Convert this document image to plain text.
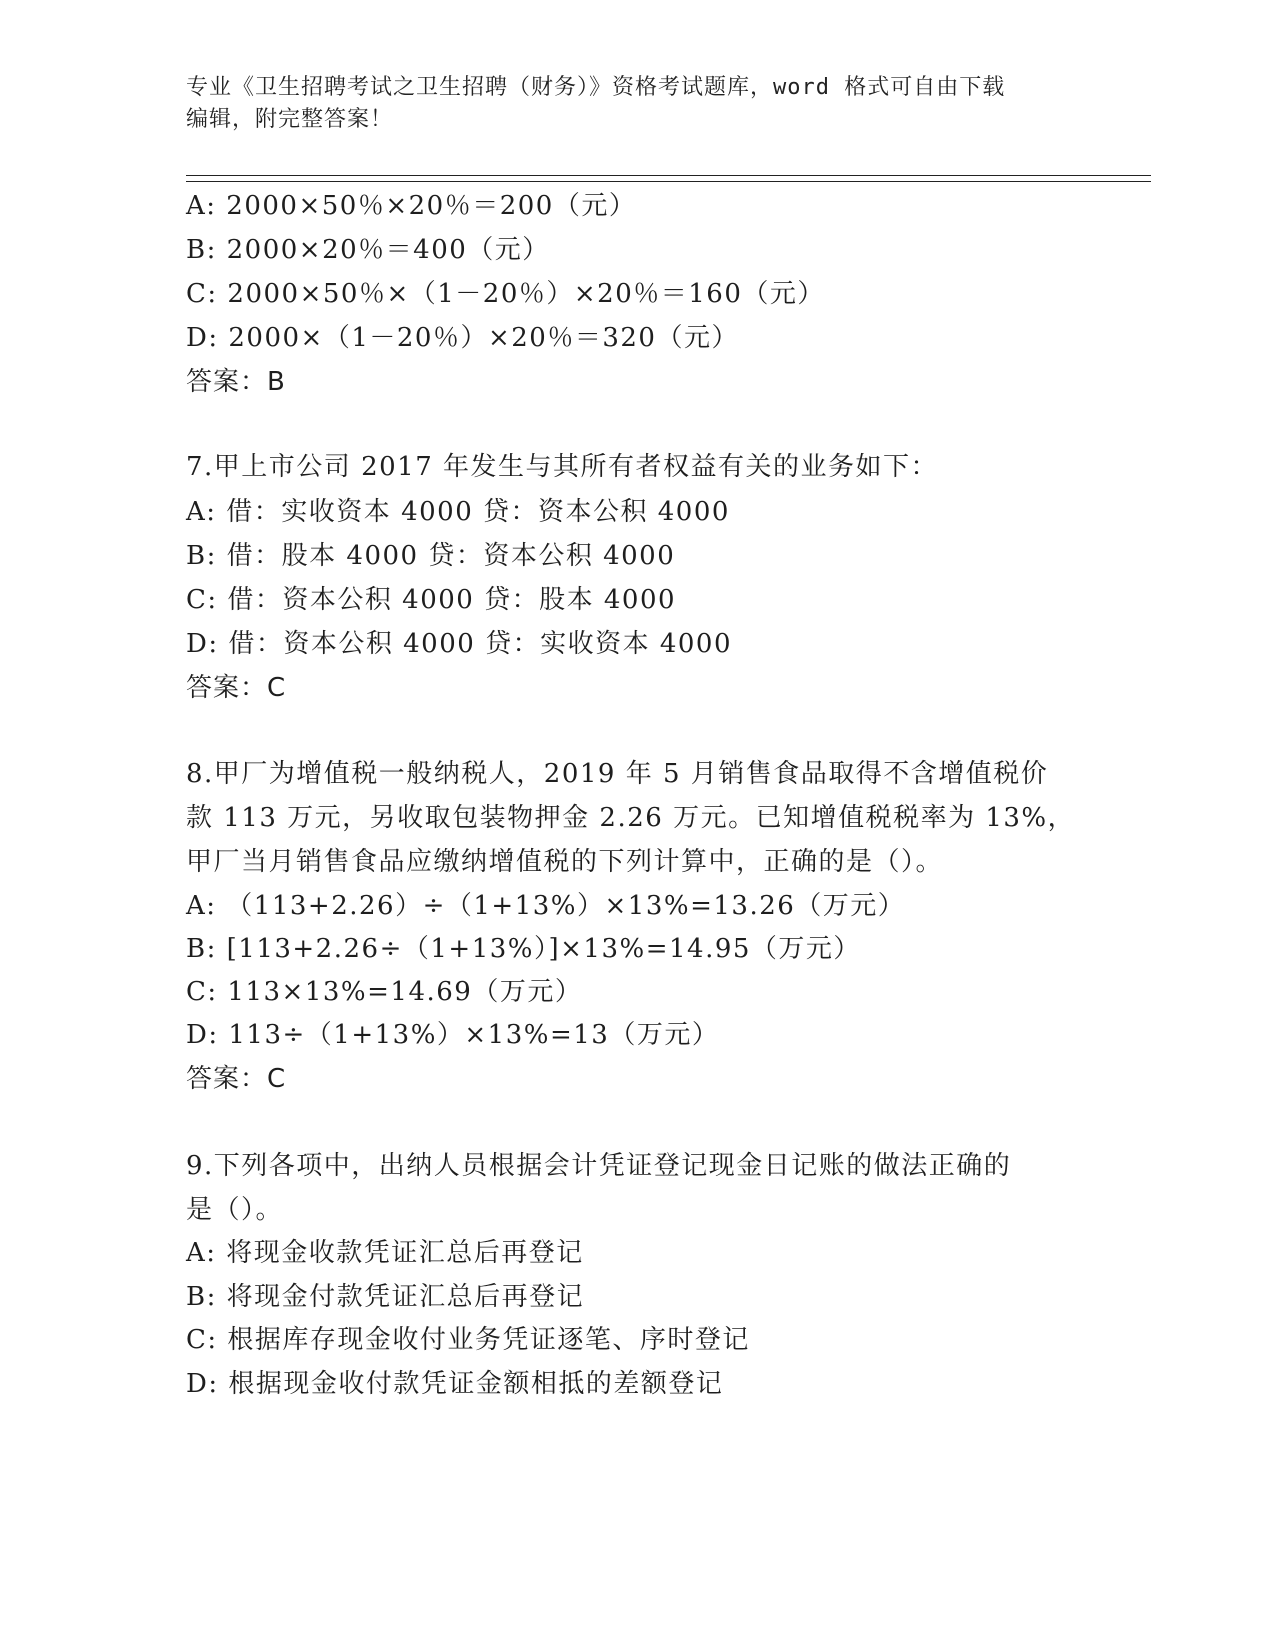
专业《卫生招聘考试之卫生招聘（财务）》资格考试题库，word 格式可自由下载
编辑，附完整答案！
A: 2000×50％×20％＝200（元）
B: 2000×20％＝400（元）
C: 2000×50％×（1－20％）×20％＝160（元）
D: 2000×（1－20％）×20％＝320（元）
答案：B
7.甲上市公司 2017 年发生与其所有者权益有关的业务如下：
A: 借：实收资本 4000 贷：资本公积 4000
B: 借：股本 4000 贷：资本公积 4000
C: 借：资本公积 4000 贷：股本 4000
D: 借：资本公积 4000 贷：实收资本 4000
答案：C
8.甲厂为增值税一般纳税人，2019 年 5 月销售食品取得不含增值税价
款 113 万元，另收取包装物押金 2.26 万元。已知增值税税率为 13%，
甲厂当月销售食品应缴纳增值税的下列计算中，正确的是（）。
A: （113+2.26）÷（1+13%）×13%=13.26（万元）
B: [113+2.26÷（1+13%）]×13%=14.95（万元）
C: 113×13%=14.69（万元）
D: 113÷（1+13%）×13%=13（万元）
答案：C
9.下列各项中，出纳人员根据会计凭证登记现金日记账的做法正确的
是（）。
A: 将现金收款凭证汇总后再登记
B: 将现金付款凭证汇总后再登记
C: 根据库存现金收付业务凭证逐笔、序时登记
D: 根据现金收付款凭证金额相抵的差额登记
